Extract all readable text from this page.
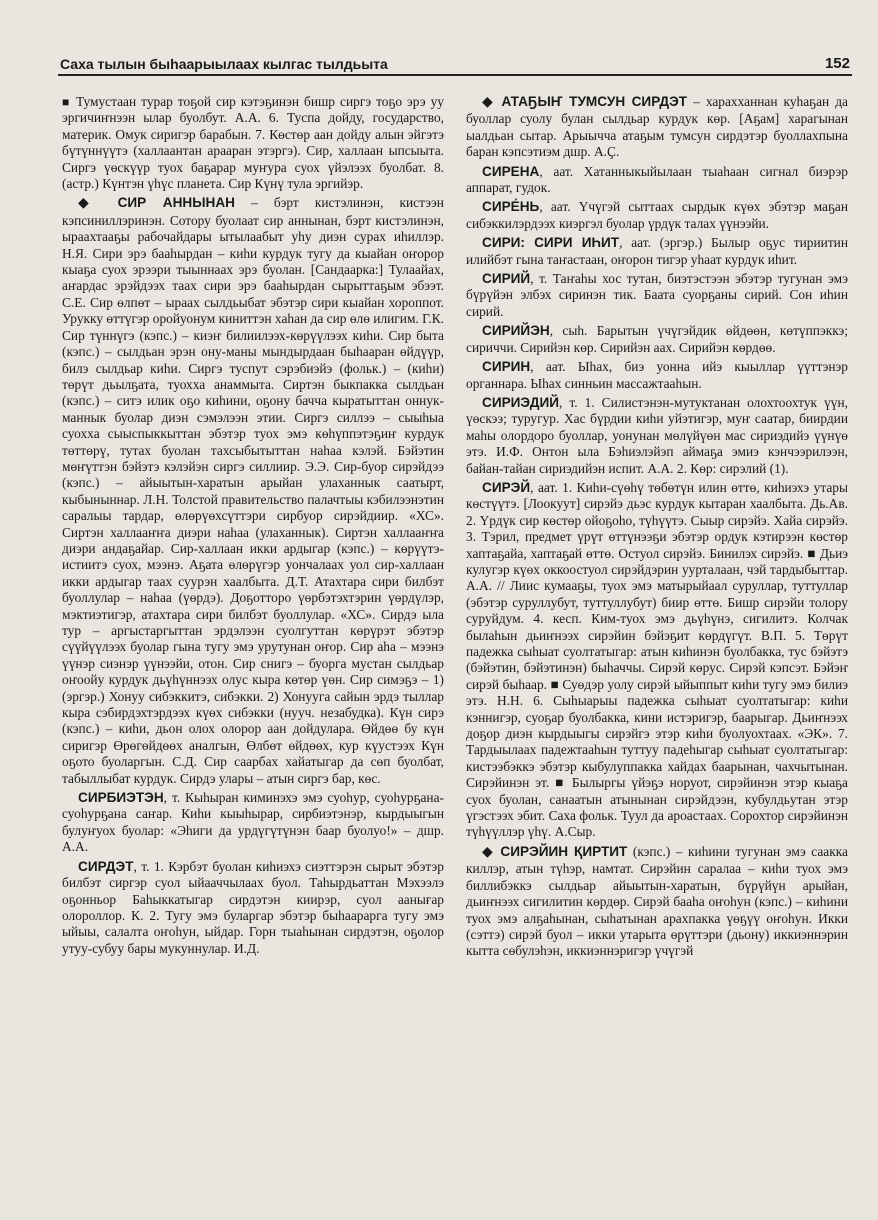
Саха тылын быһаарыылаах кылгас тылдьыта	152

■ Тумустаан турар тоҕой сир кэтэҕинэн бишр сиргэ тоҕо эрэ уу эргичиҥнээн ылар буолбут. А.А. 6. Туспа дойду, государство, материк. Омук сиригэр барабын. 7. Көстөр аан дойду алын эйгэтэ бүтүннүүтэ (халлаантан арааран этэргэ). Сир, халлаан ыпсыыта. Сиргэ үөскүүр туох баҕарар муҥура суох үйэлээх буолбат. 8. (астр.) Күнтэн үһүс планета. Сир Күнү тула эргийэр.

◆ СИР АННЫНАН – бэрт кистэлинэн, кистээн кэпсиниллэринэн. Сотору буолаат сир аннынан, бэрт кистэлинэн, ыраахтааҕы рабочайдары ытылаабыт уһу диэн сурах иһиллэр. Н.Я. Сири эрэ бааһырдан – киһи курдук тугу да кыайан оҥорор кыаҕа суох эрээри тыыннаах эрэ буолан. [Сандаарка:] Тулаайах, аҥардас эрэйдээх таах сири эрэ бааһырдан сырыттаҕым эбээт. С.Е. Сир өлпөт – ыраах сылдьыбат эбэтэр сири кыайан хороппот. Урукку өттүгэр оройуонум киниттэн хаһан да сир өлө илигим. Г.К. Сир түннүгэ (кэпс.) – киэҥ билиилээх-көрүүлээх киһи. Сир быта (кэпс.) – сылдьан эрэн ону-маны мындырдаан быһааран өйдүүр, билэ сылдьар киһи. Сиргэ туспут сэрэбиэйэ (фольк.) – (киһи) төрүт дьылҕата, туохха анаммыта. Сиртэн быкпакка сылдьан (кэпс.) – ситэ илик оҕо киһини, оҕону бачча кыратыттан оннук-маннык буолар диэн сэмэлээн этии. Сиргэ силлээ – сыыһыа суохха сыыспыккыттан эбэтэр туох эмэ көһүппэтэҕиҥ курдук төттөрү, тутах буолан тахсыбытыттан наһаа кэлэй. Бэйэтин мөҥүттэн бэйэтэ кэлэйэн сиргэ силлиир. Э.Э. Сир-буор сирэйдээ (кэпс.) – айыытын-харатын арыйан улаханнык саатырт, кыбыныннар. Л.Н. Толстой правительство палачтыы кэбилээнэтин саралыы тардар, өлөрүөхсүттэри сирбуор сирэйдиир. «ХС». Сиртэн халлааҥҥа диэри наһаа (улаханнык). Сиртэн халлааҥҥа диэри андаҕайар. Сир-халлаан икки ардыгар (кэпс.) – көрүүтэ-истиитэ суох, мээнэ. Аҕата өлөрүгэр уончалаах уол сир-халлаан икки ардыгар таах суурэн хаалбыта. Д.Т. Атахтара сири билбэт буоллулар – наһаа (үөрдэ). Доҕотторо үөрбэтэхтэрин үөрдүлэр, мэктиэтигэр, атахтара сири билбэт буоллулар. «ХС». Сирдэ ыла тур – аргыстаргыттан эрдэлээн суолгуттан көрүрэт эбэтэр сүүйүүлээх буолар гына тугу эмэ урутунан оҥор. Сир аһа – мээнэ үүнэр сиэнэр үүнээйи, отон. Сир снигэ – буорга мустан сылдьар оҥоойу курдук дьүһүннээх олус кыра көтөр үөн. Сир симэҕэ – 1) (эргэр.) Хонуу сибэккитэ, сибэкки. 2) Хонууга сайын эрдэ тыллар кыра сэбирдэхтэрдээх күөх сибэкки (нууч. незабудка). Күн сирэ (кэпс.) – киһи, дьон олох олорор аан дойдулара. Өйдөө бу күн сиригэр Өрөгөйдөөх аналгын, Өлбөт өйдөөх, кур күустээх Күн оҕото буоларгын. С.Д. Сир саарбах хайатыгар да сөп буолбат, табыллыбат курдук. Сирдэ улары – атын сиргэ бар, көс.

СИРБИЭТЭН, т. Кыһыран киминэхэ эмэ суоһур, суоһурҕана-суоһурҕана саҥар. Киһи кыыһырар, сирбиэтэнэр, кырдыыгын булуҥуох буолар: «Эһиги да урдүгүтүнэн баар буолуо!» – дшр. А.А.

СИРДЭТ, т. 1. Кэрбэт буолан киһиэхэ сиэттэрэн сырыт эбэтэр билбэт сиргэр суол ыйааччылаах буол. Таһырдьаттан Мэхээлэ оҕонньор Баһыккатыгар сирдэтэн киирэр, суол аанығар олороллор. К. 2. Тугу эмэ буларгар эбэтэр быһаарарга тугу эмэ ыйыы, салалта оҥоһун, ыйдар. Горн тыаһынан сирдэтэн, оҕолор утуу-субуу бары мукуннулар. И.Д.

◆ АТАҔЫҤ ТУМСУН СИРДЭТ – харахханнан куһаҕан да буоллар суолу булан сылдьар курдук көр. [Аҕам] харагынан ыалдьан сытар. Арыычча атаҕым тумсун сирдэтэр буоллахпына баран кэпсэтиэм дшр. А.Ҫ.

СИРЕНА, аат. Хатанныкыйылаан тыаһаан сигнал биэрэр аппарат, гудок.

СИРЕ́НЬ, аат. Үчүгэй сыттаах сырдык күөх эбэтэр маҕан сибэккилэрдээх киэргэл буолар үрдүк талах үүнээйи.

СИРИ: СИРИ ИҺИТ, аат. (эргэр.) Былыр оҕус тириитин илийбэт гына таҥастаан, оҥорон тигэр уһаат курдук иһит.

СИРИЙ, т. Таҥаһы хос тутан, биэтэстээн эбэтэр тугунан эмэ бүрүйэн элбэх сиринэн тик. Баата суорҕаны сирий. Сон иһин сирий.

СИРИЙЭН, сыһ. Барытын үчүгэйдик өйдөөн, көтүппэккэ; сириччи. Сирийэн көр. Сирийэн аах. Сирийэн көрдөө.

СИРИН, аат. Ыһах, биэ уонна ийэ кыыллар үүттэнэр органнара. Ыһах синньин массажтааһын.

СИРИЭДИЙ, т. 1. Силистэнэн-мутуктанан олохтоохтук үүн, үөскээ; туругур. Хас бүрдии киһи уйэтигэр, муҥ саатар, биирдии маһы олордоро буоллар, уонунан мөлүйүөн мас сириэдийэ үүнүө этэ. И.Ф. Онтон ыла Бэһиэлэйэп аймаҕа эмиэ кэнчээрилээн, байан-тайан сириэдийэн испит. А.А. 2. Көр: сирэлий (1).

СИРЭЙ, аат. 1. Киһи-сүөһү төбөтүн илин өттө, киһиэхэ утары көстүүтэ. [Лоокуут] сирэйэ дьэс курдук кытаран хаалбыта. Дь.Ав. 2. Үрдүк сир көстөр ойоҕоһо, түһүүтэ. Сыыр сирэйэ. Хайа сирэйэ. 3. Тэрил, предмет үрүт өттүнээҕи эбэтэр ордук кэтирээн көстөр хаптаҕайа, хаптаҕай өттө. Остуол сирэйэ. Бинилэх сирэйэ. ■ Дьиэ кулугэр күөх оккоостуол сирэйдэрин уурталаан, чэй тардыбыттар. А.А. // Лиис кумааҕы, туох эмэ матырыйаал суруллар, туттуллар (эбэтэр суруллубут, туттуллубут) биир өттө. Бишр сирэйи толору суруйдум. 4. кесп. Ким-туох эмэ дьүһүнэ, сигилитэ. Колчак былаһын дьиҥнээх сирэйин бэйэҕит көрдүгүт. В.П. 5. Төрүт падежка сыһыат суолтатыгар: атын киһинэн буолбакка, тус бэйэтэ (бэйэтин, бэйэтинэн) быһаччы. Сирэй көрус. Сирэй кэпсэт. Бэйэҥ сирэй быһаар. ■ Суөдэр уолу сирэй ыйыппыт киһи тугу эмэ билиэ этэ. Н.Н. 6. Сыһыарыы падежка сыһыат суолтатыгар: киһи кэннигэр, суоҕар буолбакка, кини истэригэр, баарыгар. Дьиҥнээх доҕор диэн кырдыыгы сирэйгэ этэр киһи буолуохтаах. «ЭК». 7. Тардыылаах падежтааһын туттуу падеһыгар сыһыат суолтатыгар: кистээбэккэ эбэтэр кыбулуппакка хайдах баарынан, чахчытынан. Сирэйинэн эт. ■ Былыргы үйэҕэ норуот, сирэйинэн этэр кыаҕа суох буолан, санаатын атынынан сирэйдээн, кубулдьутан этэр үгэстээх эбит. Саха фольк. Туул да ароастаах. Сорохтор сирэйинэн түһүүллэр үһү. А.Сыр.

◆ СИРЭЙИН ҚИРТИТ (кэпс.) – киһини тугунан эмэ саакка киллэр, атын түһэр, намтат. Сирэйин саралаа – киһи туох эмэ биллибэккэ сылдьар айыытын-харатын, бүрүйүн арыйан, дьиҥнээх сигилитин көрдөр. Сирэй бааһа оҥоһун (кэпс.) – киһини туох эмэ алҕаһынан, сыһатынан арахпакка үөҕүү оҥоһун. Икки (сэттэ) сирэй буол – икки утарыта өрүттэри (дьону) иккиэннэрин кытта сөбулэһэн, иккиэннэригэр үчүгэй
